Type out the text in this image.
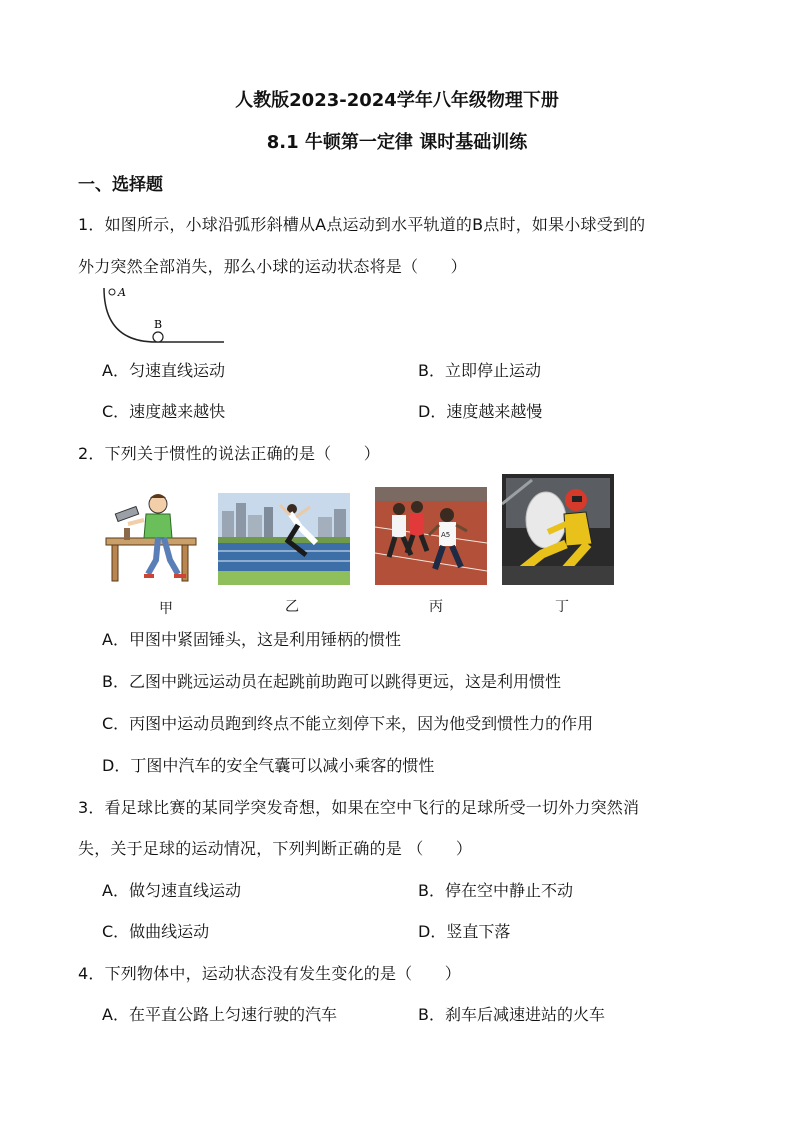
人教版2023-2024学年八年级物理下册
8.1 牛顿第一定律 课时基础训练
一、选择题
1．如图所示，小球沿弧形斜槽从A点运动到水平轨道的B点时，如果小球受到的
外力突然全部消失，那么小球的运动状态将是（　　）
A
B
A．匀速直线运动	B．立即停止运动
C．速度越来越快	D．速度越来越慢
2．下列关于惯性的说法正确的是（　　）
A5
甲	乙	丙	丁
A．甲图中紧固锤头，这是利用锤柄的惯性
B．乙图中跳远运动员在起跳前助跑可以跳得更远，这是利用惯性
C．丙图中运动员跑到终点不能立刻停下来，因为他受到惯性力的作用
D．丁图中汽车的安全气囊可以减小乘客的惯性
3．看足球比赛的某同学突发奇想，如果在空中飞行的足球所受一切外力突然消
失，关于足球的运动情况，下列判断正确的是 （　　）
A．做匀速直线运动	B．停在空中静止不动
C．做曲线运动	D．竖直下落
4．下列物体中，运动状态没有发生变化的是（　　）
A．在平直公路上匀速行驶的汽车	B．刹车后减速进站的火车
